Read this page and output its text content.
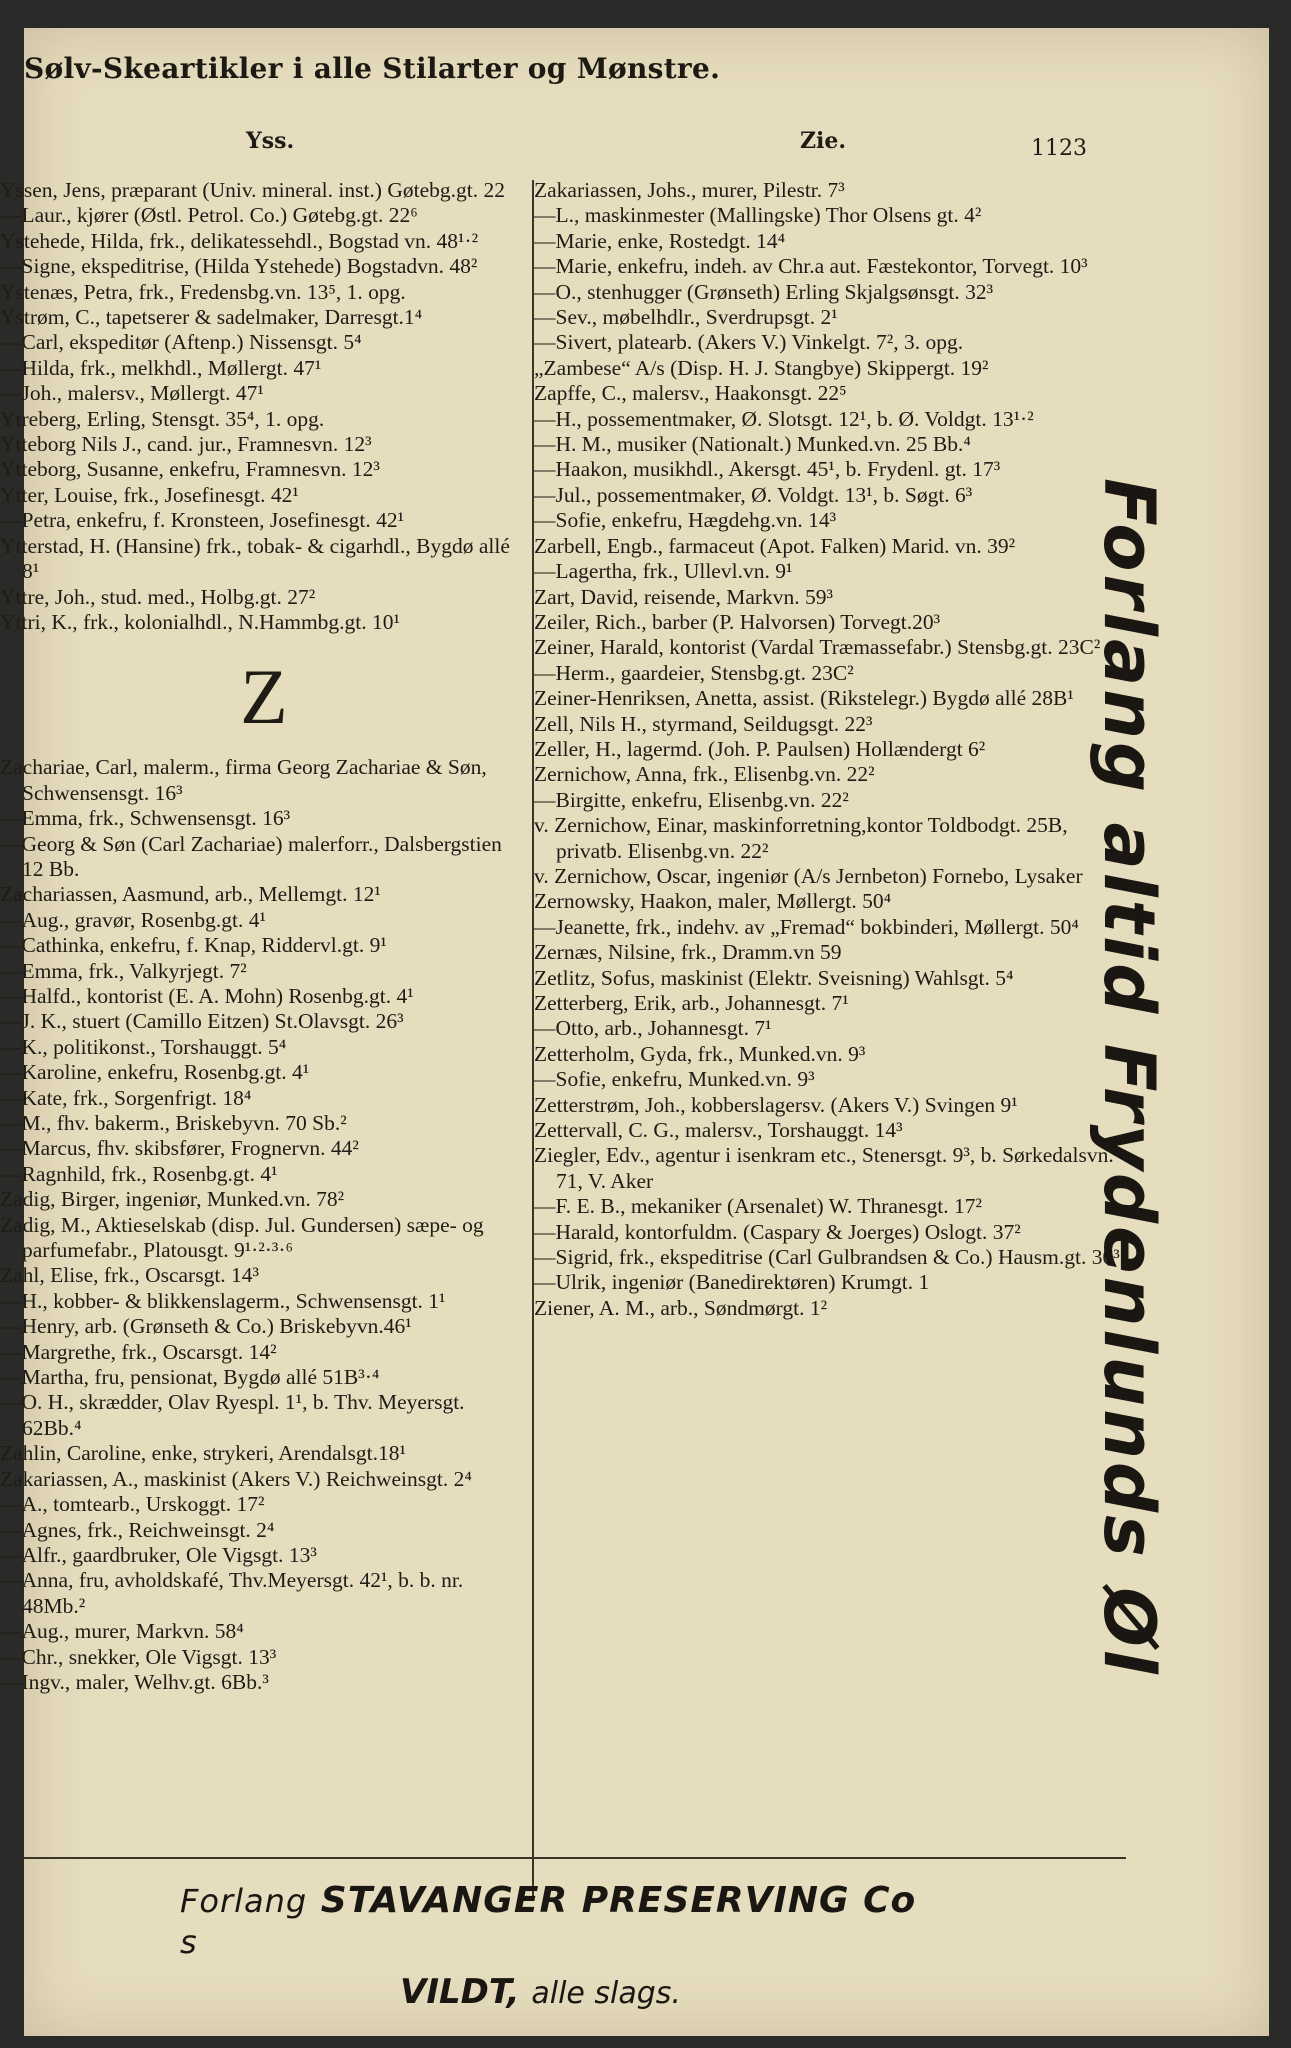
Sølv-Skeartikler i alle Stilarter og Mønstre.
Yss.	Zie.	1123
Yssen, Jens, præparant (Univ. mineral. inst.) Gøtebg.gt. 22
—Laur., kjører (Østl. Petrol. Co.) Gøtebg.gt. 22⁶
Ystehede, Hilda, frk., delikatessehdl., Bogstad vn. 48¹·²
—Signe, ekspeditrise, (Hilda Ystehede) Bogstadvn. 48²
Ystenæs, Petra, frk., Fredensbg.vn. 13⁵, 1. opg.
Ystrøm, C., tapetserer & sadelmaker, Darresgt.1⁴
—Carl, ekspeditør (Aftenp.) Nissensgt. 5⁴
—Hilda, frk., melkhdl., Møllergt. 47¹
—Joh., malersv., Møllergt. 47¹
Ytreberg, Erling, Stensgt. 35⁴, 1. opg.
Ytteborg Nils J., cand. jur., Framnesvn. 12³
Ytteborg, Susanne, enkefru, Framnesvn. 12³
Ytter, Louise, frk., Josefinesgt. 42¹
—Petra, enkefru, f. Kronsteen, Josefinesgt. 42¹
Ytterstad, H. (Hansine) frk., tobak- & cigarhdl., Bygdø allé 8¹
Yttre, Joh., stud. med., Holbg.gt. 27²
Yttri, K., frk., kolonialhdl., N.Hammbg.gt. 10¹
Z
Zachariae, Carl, malerm., firma Georg Zachariae & Søn, Schwensensgt. 16³
—Emma, frk., Schwensensgt. 16³
—Georg & Søn (Carl Zachariae) malerforr., Dalsbergstien 12 Bb.
Zachariassen, Aasmund, arb., Mellemgt. 12¹
—Aug., gravør, Rosenbg.gt. 4¹
—Cathinka, enkefru, f. Knap, Riddervl.gt. 9¹
—Emma, frk., Valkyrjegt. 7²
—Halfd., kontorist (E. A. Mohn) Rosenbg.gt. 4¹
—J. K., stuert (Camillo Eitzen) St.Olavsgt. 26³
—K., politikonst., Torshauggt. 5⁴
—Karoline, enkefru, Rosenbg.gt. 4¹
—Kate, frk., Sorgenfrigt. 18⁴
—M., fhv. bakerm., Briskebyvn. 70 Sb.²
—Marcus, fhv. skibsfører, Frognervn. 44²
—Ragnhild, frk., Rosenbg.gt. 4¹
Zadig, Birger, ingeniør, Munked.vn. 78²
Zadig, M., Aktieselskab (disp. Jul. Gundersen) sæpe- og parfumefabr., Platousgt. 9¹·²·³·⁶
Zahl, Elise, frk., Oscarsgt. 14³
—H., kobber- & blikkenslagerm., Schwensensgt. 1¹
—Henry, arb. (Grønseth & Co.) Briskebyvn.46¹
—Margrethe, frk., Oscarsgt. 14²
—Martha, fru, pensionat, Bygdø allé 51B³·⁴
—O. H., skrædder, Olav Ryespl. 1¹, b. Thv. Meyersgt. 62Bb.⁴
Zahlin, Caroline, enke, strykeri, Arendalsgt.18¹
Zakariassen, A., maskinist (Akers V.) Reichweinsgt. 2⁴
—A., tomtearb., Urskoggt. 17²
—Agnes, frk., Reichweinsgt. 2⁴
—Alfr., gaardbruker, Ole Vigsgt. 13³
—Anna, fru, avholdskafé, Thv.Meyersgt. 42¹, b. b. nr. 48Mb.²
—Aug., murer, Markvn. 58⁴
—Chr., snekker, Ole Vigsgt. 13³
—Ingv., maler, Welhv.gt. 6Bb.³
Zakariassen, Johs., murer, Pilestr. 7³
—L., maskinmester (Mallingske) Thor Olsens gt. 4²
—Marie, enke, Rostedgt. 14⁴
—Marie, enkefru, indeh. av Chr.a aut. Fæstekontor, Torvegt. 10³
—O., stenhugger (Grønseth) Erling Skjalgsønsgt. 32³
—Sev., møbelhdlr., Sverdrupsgt. 2¹
—Sivert, platearb. (Akers V.) Vinkelgt. 7², 3. opg.
„Zambese“ A/s (Disp. H. J. Stangbye) Skippergt. 19²
Zapffe, C., malersv., Haakonsgt. 22⁵
—H., possementmaker, Ø. Slotsgt. 12¹, b. Ø. Voldgt. 13¹·²
—H. M., musiker (Nationalt.) Munked.vn. 25 Bb.⁴
—Haakon, musikhdl., Akersgt. 45¹, b. Frydenl. gt. 17³
—Jul., possementmaker, Ø. Voldgt. 13¹, b. Søgt. 6³
—Sofie, enkefru, Hægdehg.vn. 14³
Zarbell, Engb., farmaceut (Apot. Falken) Marid. vn. 39²
—Lagertha, frk., Ullevl.vn. 9¹
Zart, David, reisende, Markvn. 59³
Zeiler, Rich., barber (P. Halvorsen) Torvegt.20³
Zeiner, Harald, kontorist (Vardal Træmassefabr.) Stensbg.gt. 23C²
—Herm., gaardeier, Stensbg.gt. 23C²
Zeiner-Henriksen, Anetta, assist. (Rikstelegr.) Bygdø allé 28B¹
Zell, Nils H., styrmand, Seildugsgt. 22³
Zeller, H., lagermd. (Joh. P. Paulsen) Hollændergt 6²
Zernichow, Anna, frk., Elisenbg.vn. 22²
—Birgitte, enkefru, Elisenbg.vn. 22²
v. Zernichow, Einar, maskinforretning,kontor Toldbodgt. 25B, privatb. Elisenbg.vn. 22²
v. Zernichow, Oscar, ingeniør (A/s Jernbeton) Fornebo, Lysaker
Zernowsky, Haakon, maler, Møllergt. 50⁴
—Jeanette, frk., indehv. av „Fremad“ bokbinderi, Møllergt. 50⁴
Zernæs, Nilsine, frk., Dramm.vn 59
Zetlitz, Sofus, maskinist (Elektr. Sveisning) Wahlsgt. 5⁴
Zetterberg, Erik, arb., Johannesgt. 7¹
—Otto, arb., Johannesgt. 7¹
Zetterholm, Gyda, frk., Munked.vn. 9³
—Sofie, enkefru, Munked.vn. 9³
Zetterstrøm, Joh., kobberslagersv. (Akers V.) Svingen 9¹
Zettervall, C. G., malersv., Torshauggt. 14³
Ziegler, Edv., agentur i isenkram etc., Stenersgt. 9³, b. Sørkedalsvn. 71, V. Aker
—F. E. B., mekaniker (Arsenalet) W. Thranesgt. 17²
—Harald, kontorfuldm. (Caspary & Joerges) Oslogt. 37²
—Sigrid, frk., ekspeditrise (Carl Gulbrandsen & Co.) Hausm.gt. 30³
—Ulrik, ingeniør (Banedirektøren) Krumgt. 1
Ziener, A. M., arb., Søndmørgt. 1²	Forlang altid Frydenlunds Øl
Forlang STAVANGER PRESERVING Co s
VILDT, alle slags.
